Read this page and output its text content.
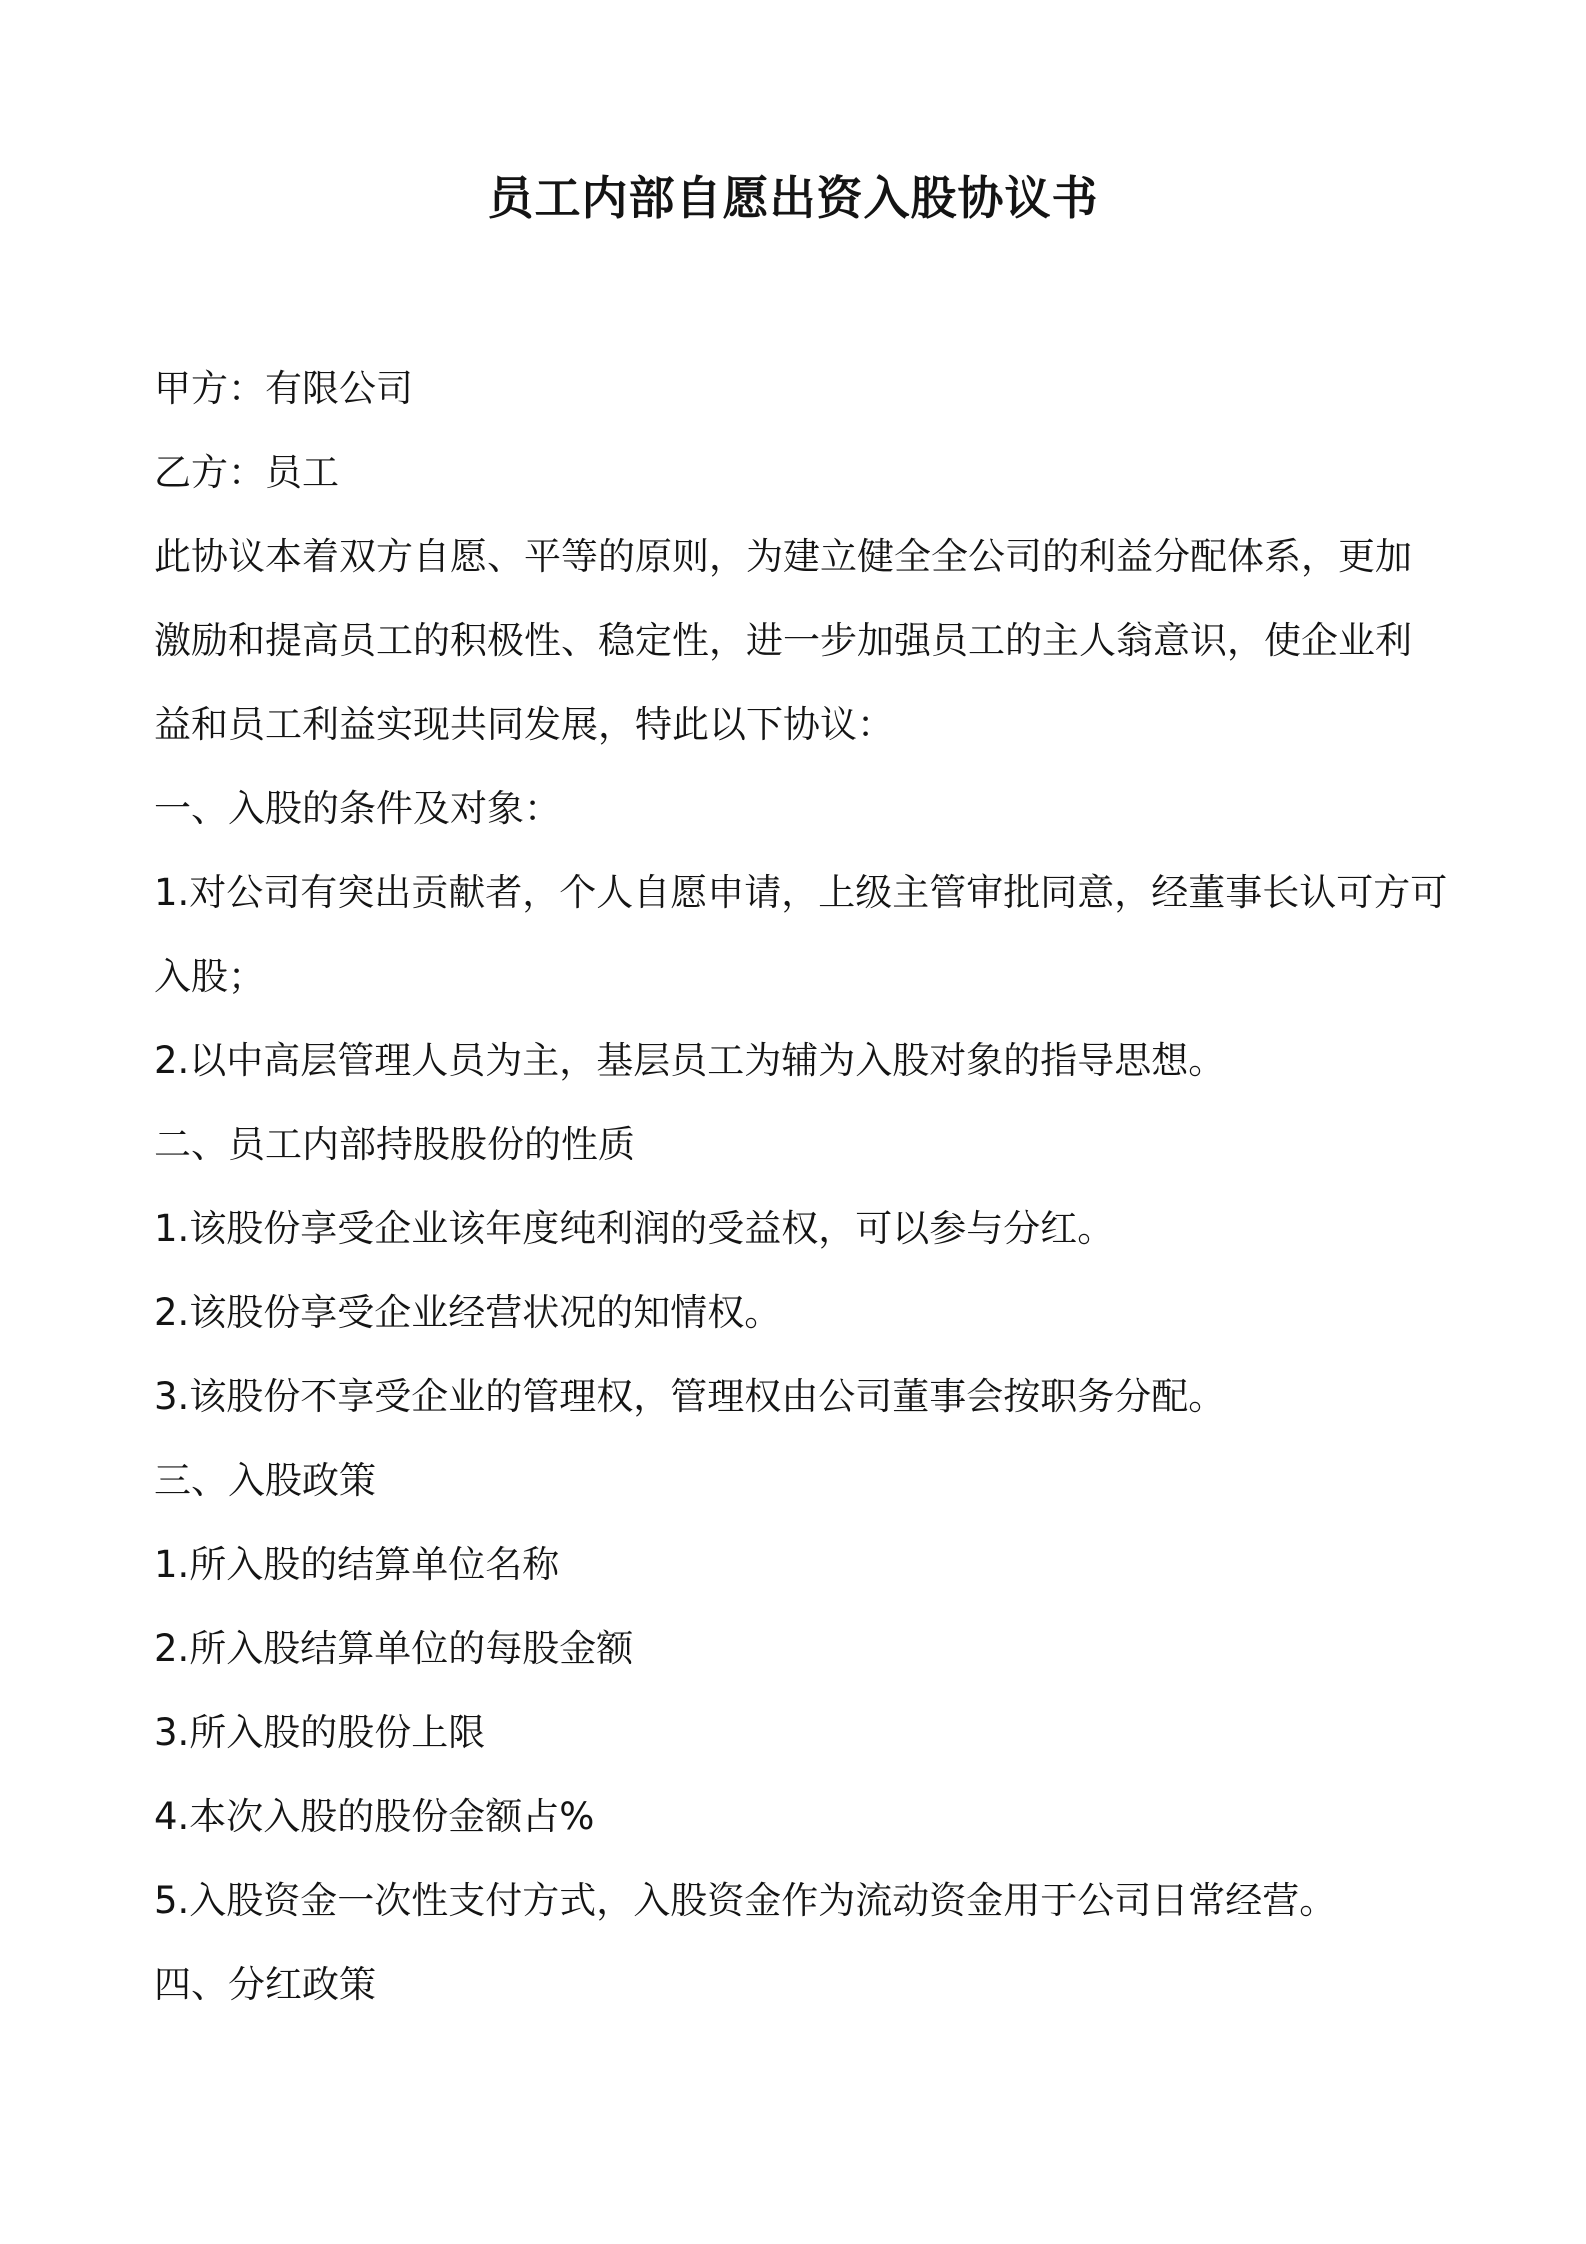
员工内部自愿出资入股协议书
甲方：有限公司
乙方：员工
此协议本着双方自愿、平等的原则，为建立健全全公司的利益分配体系，更加
激励和提高员工的积极性、稳定性，进一步加强员工的主人翁意识，使企业利
益和员工利益实现共同发展，特此以下协议：
一、入股的条件及对象：
1.对公司有突出贡献者，个人自愿申请，上级主管审批同意，经董事长认可方可
入股；
2.以中高层管理人员为主，基层员工为辅为入股对象的指导思想。
二、员工内部持股股份的性质
1.该股份享受企业该年度纯利润的受益权，可以参与分红。
2.该股份享受企业经营状况的知情权。
3.该股份不享受企业的管理权，管理权由公司董事会按职务分配。
三、入股政策
1.所入股的结算单位名称
2.所入股结算单位的每股金额
3.所入股的股份上限
4.本次入股的股份金额占%
5.入股资金一次性支付方式，入股资金作为流动资金用于公司日常经营。
四、分红政策
